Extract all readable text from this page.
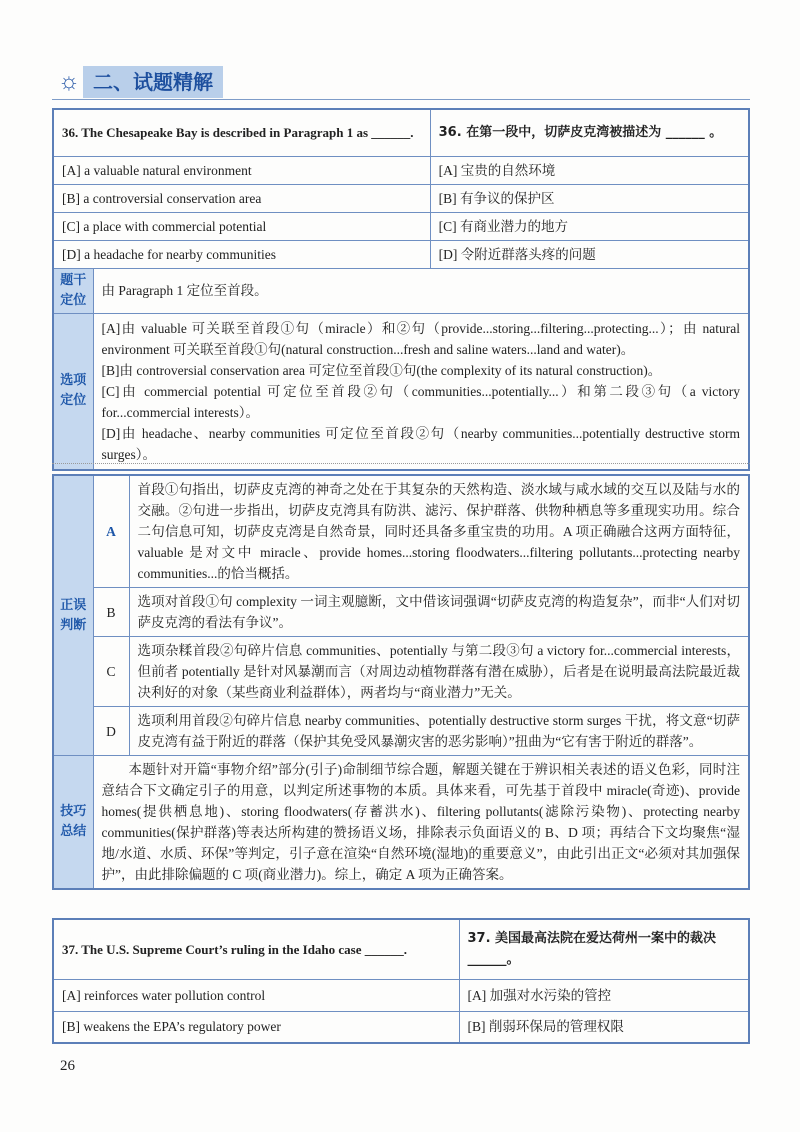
☼ 二、试题精解
36. The Chesapeake Bay is described in Paragraph 1 as ______.		36. 在第一段中，切萨皮克湾被描述为 ______ 。
[A] a valuable natural environment		[A] 宝贵的自然环境
[B] a controversial conservation area		[B] 有争议的保护区
[C] a place with commercial potential		[C] 有商业潜力的地方
[D] a headache for nearby communities		[D] 令附近群落头疼的问题
题干定位	由 Paragraph 1 定位至首段。	
选项定位	[A]由 valuable 可关联至首段①句（miracle）和②句（provide...storing...filtering...protecting...）；由 natural environment 可关联至首段①句(natural construction...fresh and saline waters...land and water)。
[B]由 controversial conservation area 可定位至首段①句(the complexity of its natural construction)。
[C]由 commercial potential 可定位至首段②句（communities...potentially...）和第二段③句（a victory for...commercial interests）。
[D]由 headache、nearby communities 可定位至首段②句（nearby communities...potentially destructive storm surges）。	
正误判断	A	首段①句指出，切萨皮克湾的神奇之处在于其复杂的天然构造、淡水域与咸水域的交互以及陆与水的交融。②句进一步指出，切萨皮克湾具有防洪、滤污、保护群落、供物种栖息等多重现实功用。综合二句信息可知，切萨皮克湾是自然奇景，同时还具备多重宝贵的功用。A 项正确融合这两方面特征，valuable 是对文中 miracle、provide homes...storing floodwaters...filtering pollutants...protecting nearby communities...的恰当概括。
	B	选项对首段①句 complexity 一词主观臆断，文中借该词强调“切萨皮克湾的构造复杂”，而非“人们对切萨皮克湾的看法有争议”。
	C	选项杂糅首段②句碎片信息 communities、potentially 与第二段③句 a victory for...commercial interests，但前者 potentially 是针对风暴潮而言（对周边动植物群落有潜在威胁），后者是在说明最高法院最近裁决利好的对象（某些商业利益群体），两者均与“商业潜力”无关。
	D	选项利用首段②句碎片信息 nearby communities、potentially destructive storm surges 干扰，将文意“切萨皮克湾有益于附近的群落（保护其免受风暴潮灾害的恶劣影响）”扭曲为“它有害于附近的群落”。
技巧总结	本题针对开篇“事物介绍”部分(引子)命制细节综合题，解题关键在于辨识相关表述的语义色彩，同时注意结合下文确定引子的用意，以判定所述事物的本质。具体来看，可先基于首段中 miracle(奇迹)、provide homes(提供栖息地)、storing floodwaters(存蓄洪水)、filtering pollutants(滤除污染物)、protecting nearby communities(保护群落)等表达所构建的赞扬语义场，排除表示负面语义的 B、D 项；再结合下文均聚焦“湿地/水道、水质、环保”等判定，引子意在渲染“自然环境(湿地)的重要意义”，由此引出正文“必须对其加强保护”，由此排除偏题的 C 项(商业潜力)。综上，确定 A 项为正确答案。	
37. The U.S. Supreme Court’s ruling in the Idaho case ______.	37. 美国最高法院在爱达荷州一案中的裁决______。
[A] reinforces water pollution control	[A] 加强对水污染的管控
[B] weakens the EPA’s regulatory power	[B] 削弱环保局的管理权限
26
